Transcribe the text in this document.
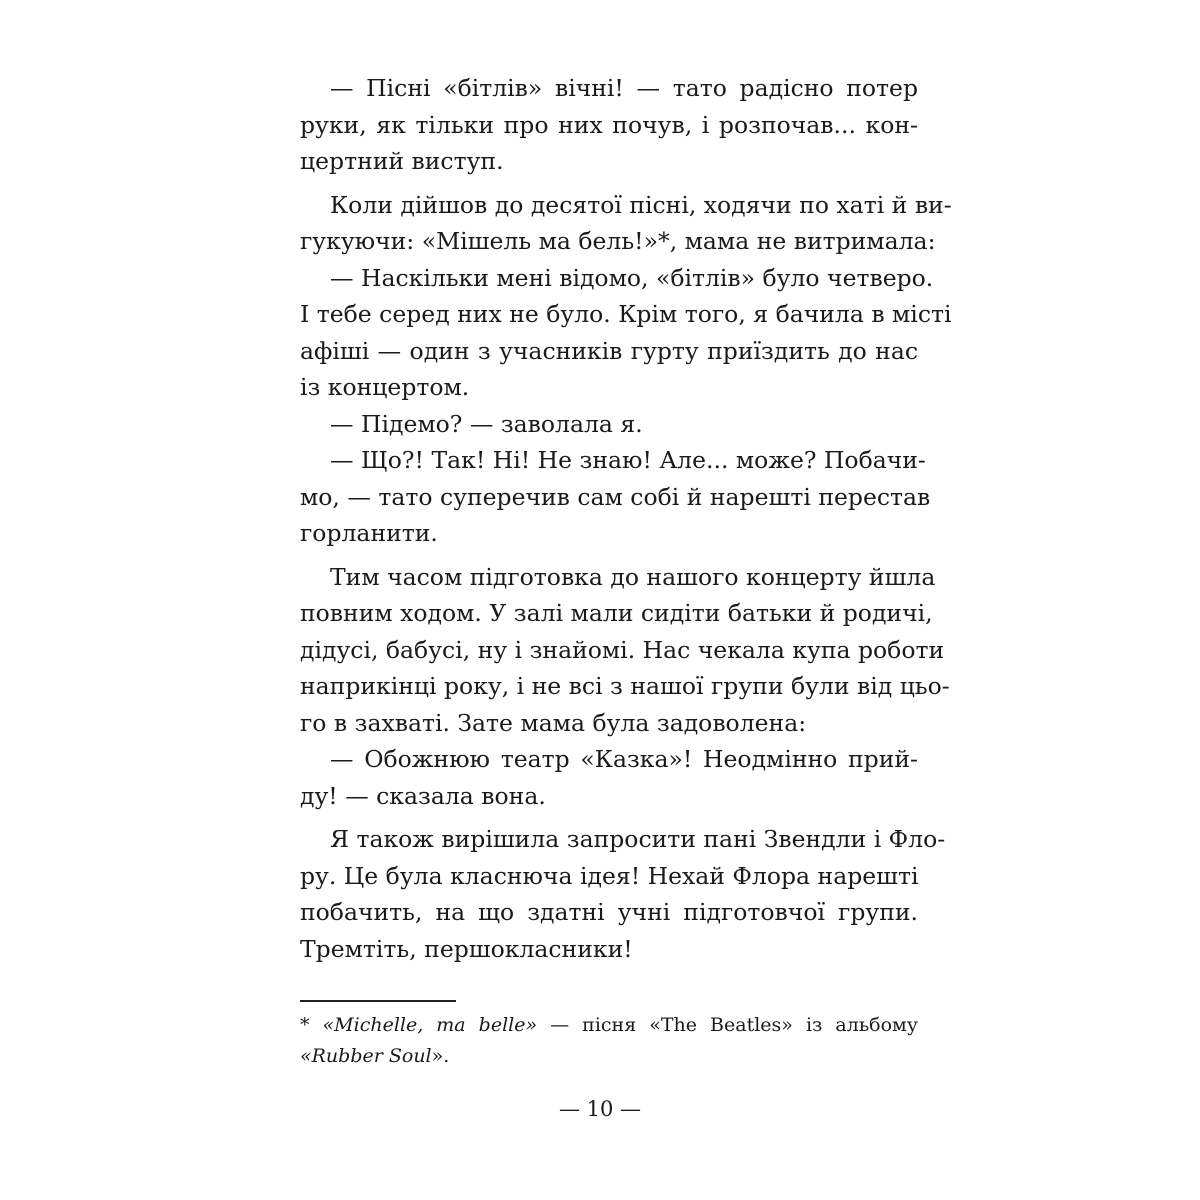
— Пісні «бітлів» вічні! — тато радісно потер
руки, як тільки про них почув, і розпочав... кон-
цертний виступ.
Коли дійшов до десятої пісні, ходячи по хаті й ви-
гукуючи: «Мішель ма бель!»*, мама не витримала:
— Наскільки мені відомо, «бітлів» було четверо.
І тебе серед них не було. Крім того, я бачила в місті
афіші — один з учасників гурту приїздить до нас
із концертом.
— Підемо? — заволала я.
— Що?! Так! Ні! Не знаю! Але... може? Побачи-
мо, — тато суперечив сам собі й нарешті перестав
горланити.
Тим часом підготовка до нашого концерту йшла
повним ходом. У залі мали сидіти батьки й родичі,
дідусі, бабусі, ну і знайомі. Нас чекала купа роботи
наприкінці року, і не всі з нашої групи були від цьо-
го в захваті. Зате мама була задоволена:
— Обожнюю театр «Казка»! Неодмінно прий-
ду! — сказала вона.
Я також вирішила запросити пані Звендли і Фло-
ру. Це була класнюча ідея! Нехай Флора нарешті
побачить, на що здатні учні підготовчої групи.
Тремтіть, першокласники!
* «Michelle, ma belle» — пісня «The Beatles» із альбому
«Rubber Soul».
— 10 —
